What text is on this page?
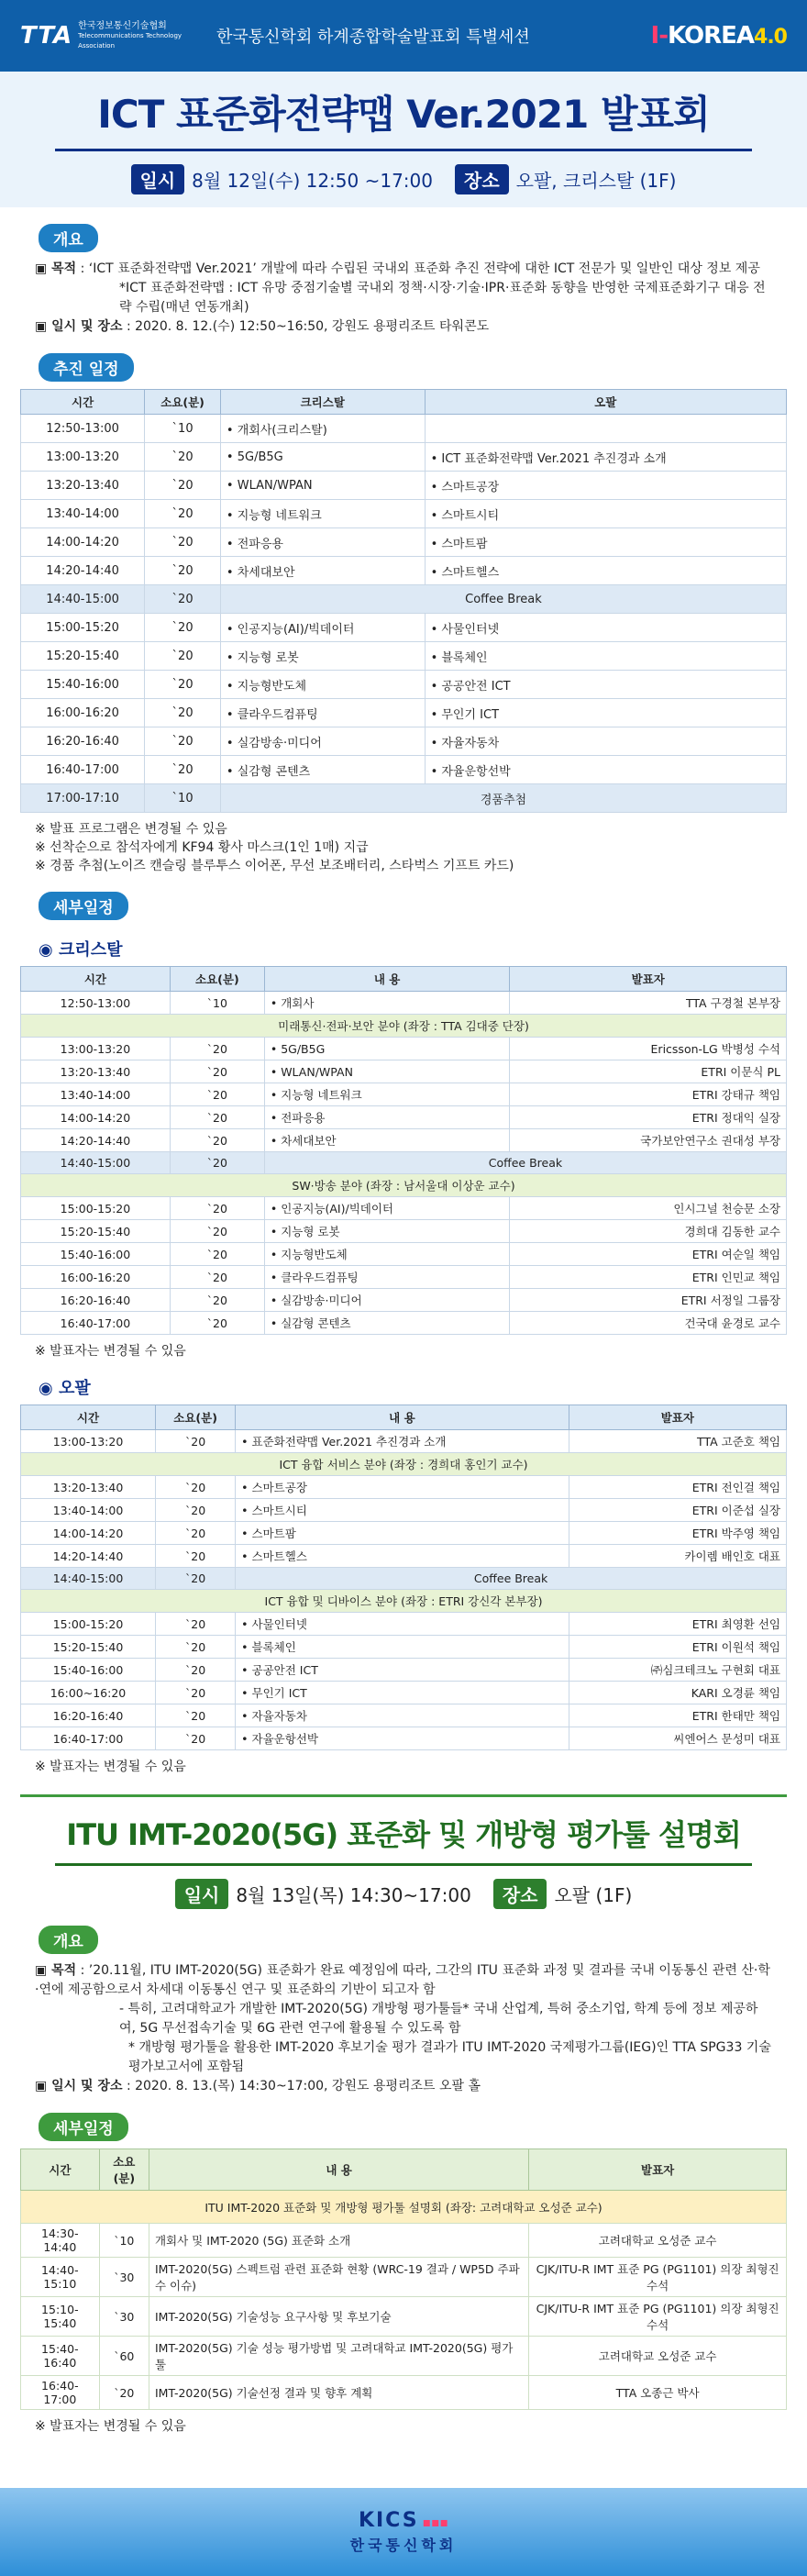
TTA 한국정보통신기술협회
Telecommunications Technology Association	한국통신학회 하계종합학술발표회 특별세션	I-KOREA4.0
ICT 표준화전략맵 Ver.2021 발표회
일시 8월 12일(수) 12:50 ~17:00	장소 오팔, 크리스탈 (1F)
개요
▣ 목적 : ‘ICT 표준화전략맵 Ver.2021’ 개발에 따라 수립된 국내외 표준화 추진 전략에 대한 ICT 전문가 및 일반인 대상 정보 제공
*ICT 표준화전략맵 : ICT 유망 중점기술별 국내외 정책·시장·기술·IPR·표준화 동향을 반영한 국제표준화기구 대응 전략 수립(매년 연동개최)
▣ 일시 및 장소 : 2020. 8. 12.(수) 12:50~16:50, 강원도 용평리조트 타워콘도
추진 일정
시간	소요(분)	크리스탈	오팔
12:50-13:00	`10	• 개회사(크리스탈)	
13:00-13:20	`20	• 5G/B5G	• ICT 표준화전략맵 Ver.2021 추진경과 소개
13:20-13:40	`20	• WLAN/WPAN	• 스마트공장
13:40-14:00	`20	• 지능형 네트워크	• 스마트시티
14:00-14:20	`20	• 전파응용	• 스마트팜
14:20-14:40	`20	• 차세대보안	• 스마트헬스
14:40-15:00	`20	Coffee Break	
15:00-15:20	`20	• 인공지능(AI)/빅데이터	• 사물인터넷
15:20-15:40	`20	• 지능형 로봇	• 블록체인
15:40-16:00	`20	• 지능형반도체	• 공공안전 ICT
16:00-16:20	`20	• 클라우드컴퓨팅	• 무인기 ICT
16:20-16:40	`20	• 실감방송·미디어	• 자율자동차
16:40-17:00	`20	• 실감형 콘텐츠	• 자율운항선박
17:00-17:10	`10	경품추첨	
※ 발표 프로그램은 변경될 수 있음
※ 선착순으로 참석자에게 KF94 황사 마스크(1인 1매) 지급
※ 경품 추첨(노이즈 캔슬링 블루투스 이어폰, 무선 보조배터리, 스타벅스 기프트 카드)
세부일정
◉ 크리스탈
시간	소요(분)	내 용	발표자
12:50-13:00	`10	• 개회사	TTA 구경철 본부장
미래통신·전파·보안 분야 (좌장 : TTA 김대중 단장)			
13:00-13:20	`20	• 5G/B5G	Ericsson-LG 박병성 수석
13:20-13:40	`20	• WLAN/WPAN	ETRI 이문식 PL
13:40-14:00	`20	• 지능형 네트워크	ETRI 강태규 책임
14:00-14:20	`20	• 전파응용	ETRI 정대익 실장
14:20-14:40	`20	• 차세대보안	국가보안연구소 권대성 부장
14:40-15:00	`20	Coffee Break	
SW·방송 분야 (좌장 : 남서울대 이상운 교수)			
15:00-15:20	`20	• 인공지능(AI)/빅데이터	인시그널 천승문 소장
15:20-15:40	`20	• 지능형 로봇	경희대 김동한 교수
15:40-16:00	`20	• 지능형반도체	ETRI 여순일 책임
16:00-16:20	`20	• 클라우드컴퓨팅	ETRI 인민교 책임
16:20-16:40	`20	• 실감방송·미디어	ETRI 서정일 그룹장
16:40-17:00	`20	• 실감형 콘텐츠	건국대 윤경로 교수
※ 발표자는 변경될 수 있음
◉ 오팔
시간	소요(분)	내 용	발표자
13:00-13:20	`20	• 표준화전략맵 Ver.2021 추진경과 소개	TTA 고준호 책임
ICT 융합 서비스 분야 (좌장 : 경희대 홍인기 교수)			
13:20-13:40	`20	• 스마트공장	ETRI 전인걸 책임
13:40-14:00	`20	• 스마트시티	ETRI 이준섭 실장
14:00-14:20	`20	• 스마트팜	ETRI 박주영 책임
14:20-14:40	`20	• 스마트헬스	카이렘 배인호 대표
14:40-15:00	`20	Coffee Break	
ICT 융합 및 디바이스 분야 (좌장 : ETRI 강신각 본부장)			
15:00-15:20	`20	• 사물인터넷	ETRI 최영환 선임
15:20-15:40	`20	• 블록체인	ETRI 이원석 책임
15:40-16:00	`20	• 공공안전 ICT	㈜심크테크노 구현회 대표
16:00~16:20	`20	• 무인기 ICT	KARI 오경륜 책임
16:20-16:40	`20	• 자율자동차	ETRI 한태만 책임
16:40-17:00	`20	• 자율운항선박	씨엔어스 문성미 대표
※ 발표자는 변경될 수 있음
ITU IMT-2020(5G) 표준화 및 개방형 평가툴 설명회
일시 8월 13일(목) 14:30~17:00	장소 오팔 (1F)
개요
▣ 목적 : ’20.11월, ITU IMT-2020(5G) 표준화가 완료 예정임에 따라, 그간의 ITU 표준화 과정 및 결과를 국내 이동통신 관련 산·학·연에 제공함으로서 차세대 이동통신 연구 및 표준화의 기반이 되고자 함
- 특히, 고려대학교가 개발한 IMT-2020(5G) 개방형 평가툴들* 국내 산업계, 특허 중소기업, 학계 등에 정보 제공하여, 5G 무선접속기술 및 6G 관련 연구에 활용될 수 있도록 함
* 개방형 평가툴을 활용한 IMT-2020 후보기술 평가 결과가 ITU IMT-2020 국제평가그룹(IEG)인 TTA SPG33 기술평가보고서에 포함됨
▣ 일시 및 장소 : 2020. 8. 13.(목) 14:30~17:00, 강원도 용평리조트 오팔 홀
세부일정
시간	소요(분)	내 용	발표자
ITU IMT-2020 표준화 및 개방형 평가툴 설명회 (좌장: 고려대학교 오성준 교수)			
14:30-14:40	`10	개회사 및 IMT-2020 (5G) 표준화 소개	고려대학교 오성준 교수
14:40-15:10	`30	IMT-2020(5G) 스펙트럼 관련 표준화 현황 (WRC-19 결과 / WP5D 주파수 이슈)	CJK/ITU-R IMT 표준 PG (PG1101) 의장 최형진 수석
15:10-15:40	`30	IMT-2020(5G) 기술성능 요구사항 및 후보기술	CJK/ITU-R IMT 표준 PG (PG1101) 의장 최형진 수석
15:40-16:40	`60	IMT-2020(5G) 기술 성능 평가방법 및 고려대학교 IMT-2020(5G) 평가툴	고려대학교 오성준 교수
16:40-17:00	`20	IMT-2020(5G) 기술선정 결과 및 향후 계획	TTA 오종근 박사
※ 발표자는 변경될 수 있음
KICS ▪▪▪
한국통신학회
